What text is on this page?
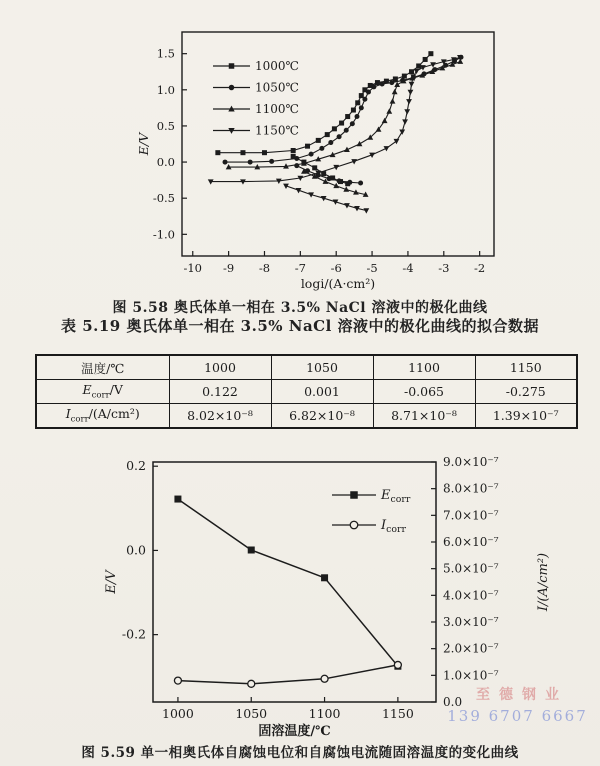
-10 -9 -8 -7 -6 -5 -4 -3 -2
1.5
1.0
0.5
0.0
-0.5
-1.0
logi/(A·cm²)
E/V
1000℃
1050℃
1100℃
1150℃
图 5.58 奥氏体单一相在 3.5% NaCl 溶液中的极化曲线
表 5.19 奥氏体单一相在 3.5% NaCl 溶液中的极化曲线的拟合数据
温度/℃	1000	1050	1100	1150
$E_{corr}/V$	0.122	0.001	-0.065	-0.275
$I_{corr}/(A/cm^2)$	8.02×10⁻⁸	6.82×10⁻⁸	8.71×10⁻⁸	1.39×10⁻⁷
1000	1050	1100	1150
0.2
0.0
-0.2
9.0×10⁻⁷
8.0×10⁻⁷
7.0×10⁻⁷
6.0×10⁻⁷
5.0×10⁻⁷
4.0×10⁻⁷
3.0×10⁻⁷
2.0×10⁻⁷
1.0×10⁻⁷
0.0
固溶温度/℃
E/V	I/(A/cm²)
$E_{corr}$
$I_{corr}$
图 5.59 单一相奥氏体自腐蚀电位和自腐蚀电流随固溶温度的变化曲线
至德钢业
139 6707 6667
